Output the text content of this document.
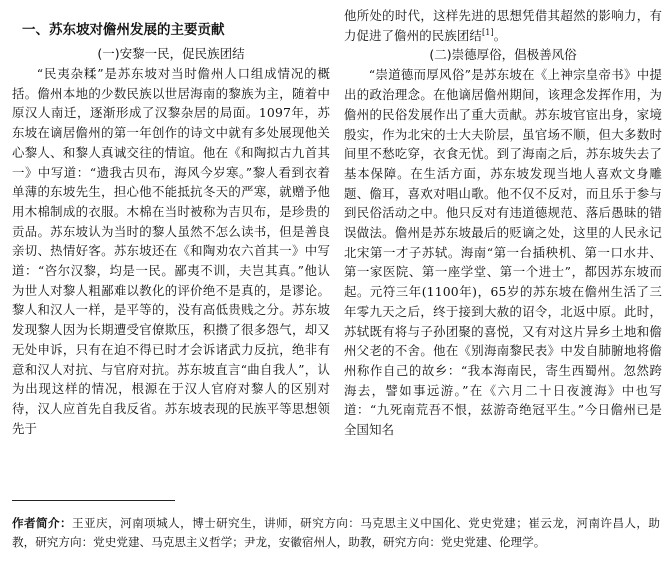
一、苏东坡对儋州发展的主要贡献
(一)安黎一民，促民族团结

“民夷杂糅”是苏东坡对当时儋州人口组成情况的概括。儋州本地的少数民族以世居海南的黎族为主，随着中原汉人南迁，逐渐形成了汉黎杂居的局面。1097年，苏东坡在谪居儋州的第一年创作的诗文中就有多处展现他关心黎人、和黎人真诚交往的情谊。他在《和陶拟古九首其一》中写道：“遗我古贝布，海风今岁寒。”黎人看到衣着单薄的东坡先生，担心他不能抵抗冬天的严寒，就赠予他用木棉制成的衣服。木棉在当时被称为吉贝布，是珍贵的贡品。苏东坡认为当时的黎人虽然不怎么读书，但是善良亲切、热情好客。苏东坡还在《和陶劝农六首其一》中写道：“咨尔汉黎，均是一民。鄙夷不训，夫岂其真。”他认为世人对黎人粗鄙难以教化的评价绝不是真的，是谬论。黎人和汉人一样，是平等的，没有高低贵贱之分。苏东坡发现黎人因为长期遭受官僚欺压，积攒了很多怨气，却又无处申诉，只有在迫不得已时才会诉诸武力反抗，绝非有意和汉人对抗、与官府对抗。苏东坡直言“曲自我人”，认为出现这样的情况，根源在于汉人官府对黎人的区别对待，汉人应首先自我反省。苏东坡表现的民族平等思想领先于

他所处的时代，这样先进的思想凭借其超然的影响力，有力促进了儋州的民族团结[1]。

(二)崇德厚俗，倡极善风俗

“崇道德而厚风俗”是苏东坡在《上神宗皇帝书》中提出的政治理念。在他谪居儋州期间，该理念发挥作用，为儋州的民俗发展作出了重大贡献。苏东坡官宦出身，家境殷实，作为北宋的士大夫阶层，虽官场不顺，但大多数时间里不愁吃穿，衣食无忧。到了海南之后，苏东坡失去了基本保障。在生活方面，苏东坡发现当地人喜欢文身雕题、儋耳，喜欢对唱山歌。他不仅不反对，而且乐于参与到民俗活动之中。他只反对有违道德规范、落后愚昧的错误做法。儋州是苏东坡最后的贬谪之处，这里的人民永记北宋第一才子苏轼。海南“第一台插秧机、第一口水井、第一家医院、第一座学堂、第一个进士”，都因苏东坡而起。元符三年(1100年)，65岁的苏东坡在儋州生活了三年零九天之后，终于接到大赦的诏令，北返中原。此时，苏轼既有将与子孙团聚的喜悦，又有对这片异乡土地和儋州父老的不舍。他在《别海南黎民表》中发自肺腑地将儋州称作自己的故乡：“我本海南民，寄生西蜀州。忽然跨海去，譬如事远游。”在《六月二十日夜渡海》中也写道：“九死南荒吾不恨，兹游奇绝冠平生。”今日儋州已是全国知名

作者简介：王亚庆，河南项城人，博士研究生，讲师，研究方向：马克思主义中国化、党史党建；崔云龙，河南许昌人，助教，研究方向：党史党建、马克思主义哲学；尹龙，安徽宿州人，助教，研究方向：党史党建、伦理学。
